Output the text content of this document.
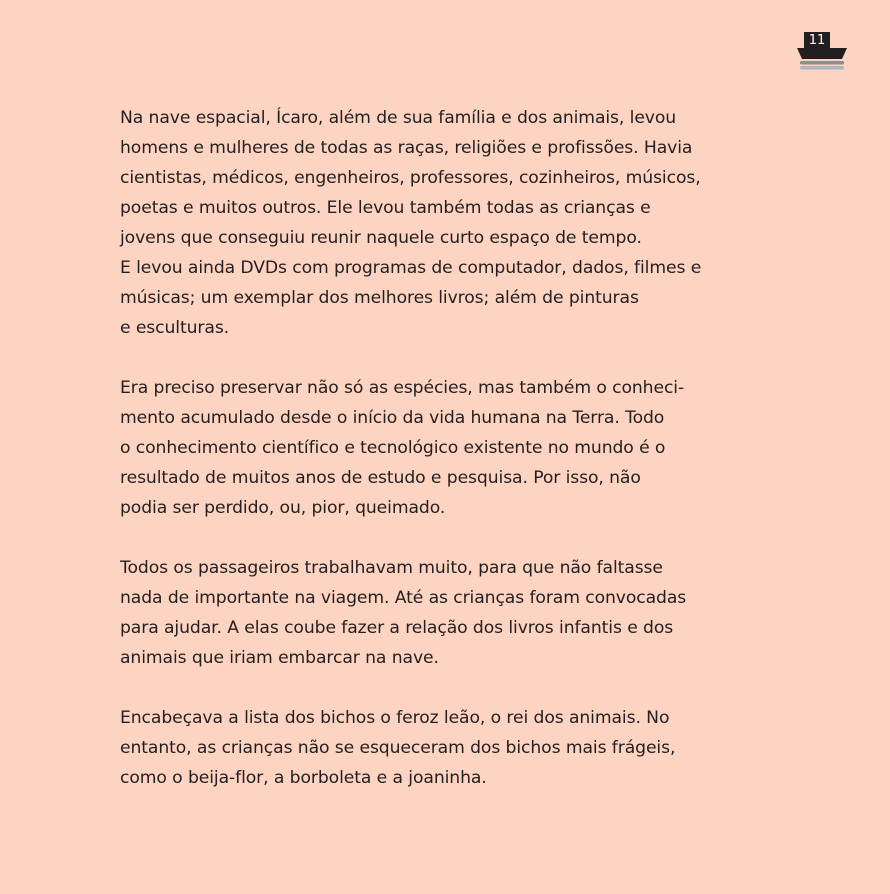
11

Na nave espacial, Ícaro, além de sua família e dos animais, levou
homens e mulheres de todas as raças, religiões e profissões. Havia
cientistas, médicos, engenheiros, professores, cozinheiros, músicos,
poetas e muitos outros. Ele levou também todas as crianças e
jovens que conseguiu reunir naquele curto espaço de tempo.
E levou ainda DVDs com programas de computador, dados, filmes e
músicas; um exemplar dos melhores livros; além de pinturas
e esculturas.

Era preciso preservar não só as espécies, mas também o conheci-
mento acumulado desde o início da vida humana na Terra. Todo
o conhecimento científico e tecnológico existente no mundo é o
resultado de muitos anos de estudo e pesquisa. Por isso, não
podia ser perdido, ou, pior, queimado.

Todos os passageiros trabalhavam muito, para que não faltasse
nada de importante na viagem. Até as crianças foram convocadas
para ajudar. A elas coube fazer a relação dos livros infantis e dos
animais que iriam embarcar na nave.

Encabeçava a lista dos bichos o feroz leão, o rei dos animais. No
entanto, as crianças não se esqueceram dos bichos mais frágeis,
como o beija-flor, a borboleta e a joaninha.
